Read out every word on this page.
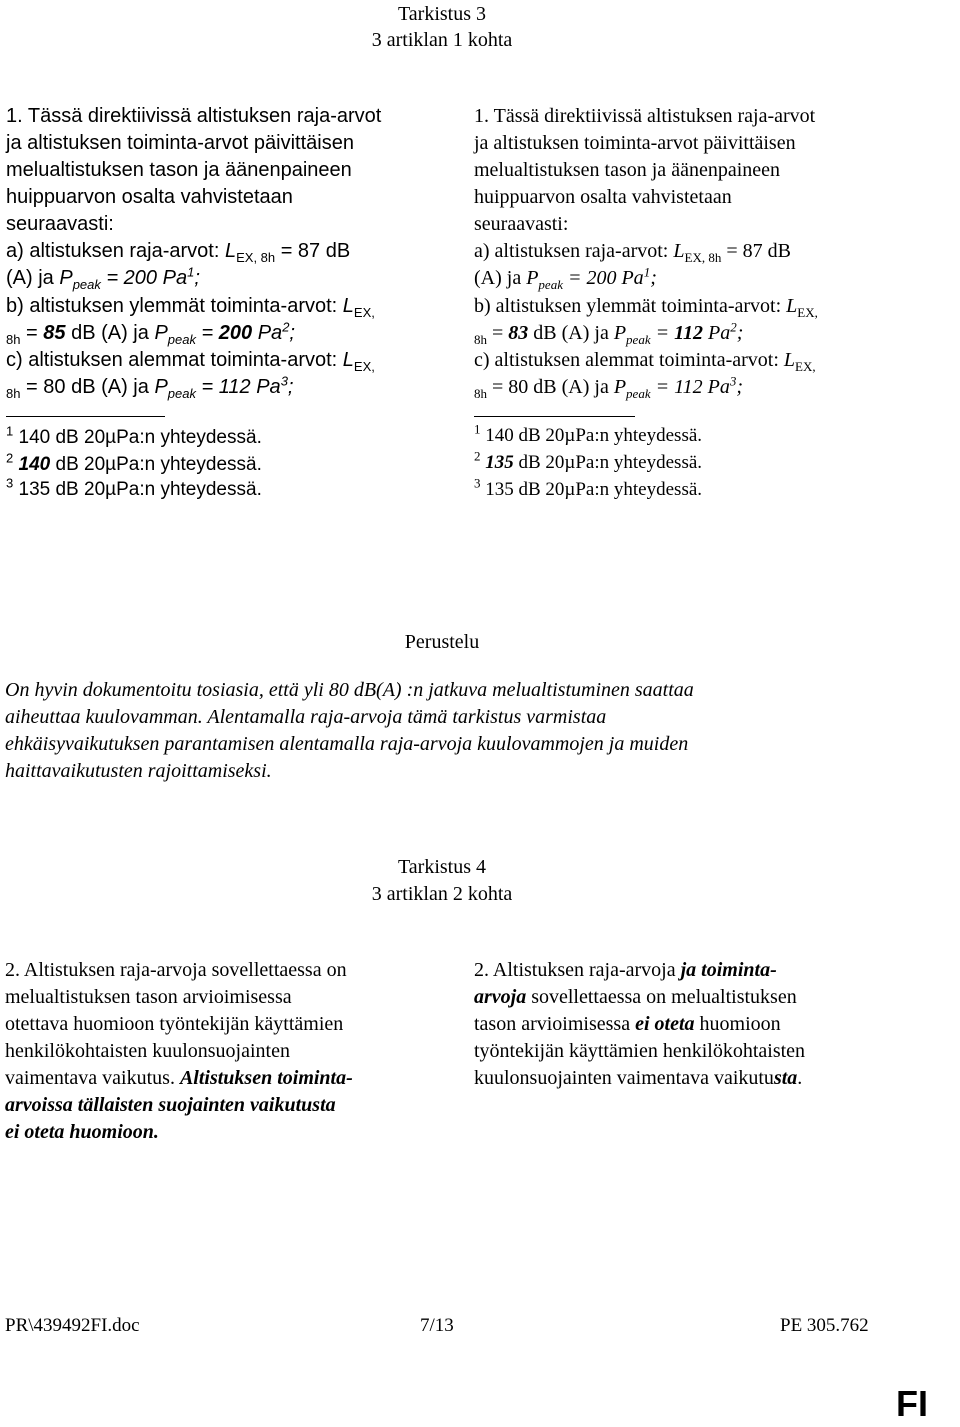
Tarkistus 3
3 artiklan 1 kohta
1. Tässä direktiivissä altistuksen raja-arvot
ja altistuksen toiminta-arvot päivittäisen
melualtistuksen tason ja äänenpaineen
huippuarvon osalta vahvistetaan
seuraavasti:
a) altistuksen raja-arvot: $L_{EX, 8h} = 87$ dB
(A) ja $P_{peak} = 200$ Pa$^1$;
b) altistuksen ylemmät toiminta-arvot: $L_{EX,}$
$_{8h}$ = 85 dB (A) ja $P_{peak} = 200$ Pa$^2$;
c) altistuksen alemmat toiminta-arvot: $L_{EX,}$
$_{8h}$ = 80 dB (A) ja $P_{peak} = 112$ Pa$^3$;
$^1$ 140 dB 20µPa:n yhteydessä.
$^2$ 140 dB 20µPa:n yhteydessä.
$^3$ 135 dB 20µPa:n yhteydessä.
1. Tässä direktiivissä altistuksen raja-arvot
ja altistuksen toiminta-arvot päivittäisen
melualtistuksen tason ja äänenpaineen
huippuarvon osalta vahvistetaan
seuraavasti:
a) altistuksen raja-arvot: $L_{EX, 8h} = 87$ dB
(A) ja $P_{peak} = 200$ Pa$^1$;
b) altistuksen ylemmät toiminta-arvot: $L_{EX,}$
$_{8h}$ = 83 dB (A) ja $P_{peak} = 112$ Pa$^2$;
c) altistuksen alemmat toiminta-arvot: $L_{EX,}$
$_{8h}$ = 80 dB (A) ja $P_{peak} = 112$ Pa$^3$;
$^1$ 140 dB 20µPa:n yhteydessä.
$^2$ 135 dB 20µPa:n yhteydessä.
$^3$ 135 dB 20µPa:n yhteydessä.
Perustelu
On hyvin dokumentoitu tosiasia, että yli 80 dB(A) :n jatkuva melualtistuminen saattaa
aiheuttaa kuulovamman. Alentamalla raja-arvoja tämä tarkistus varmistaa
ehkäisyvaikutuksen parantamisen alentamalla raja-arvoja kuulovammojen ja muiden
haittavaikutusten rajoittamiseksi.
Tarkistus 4
3 artiklan 2 kohta
2. Altistuksen raja-arvoja sovellettaessa on
melualtistuksen tason arvioimisessa
otettava huomioon työntekijän käyttämien
henkilökohtaisten kuulonsuojainten
vaimentava vaikutus. Altistuksen toiminta-
arvoissa tällaisten suojainten vaikutusta
ei oteta huomioon.
2. Altistuksen raja-arvoja ja toiminta-
arvoja sovellettaessa on melualtistuksen
tason arvioimisessa ei oteta huomioon
työntekijän käyttämien henkilökohtaisten
kuulonsuojainten vaimentava vaikutusta.
PR\439492FI.doc	7/13	PE 305.762
FI
